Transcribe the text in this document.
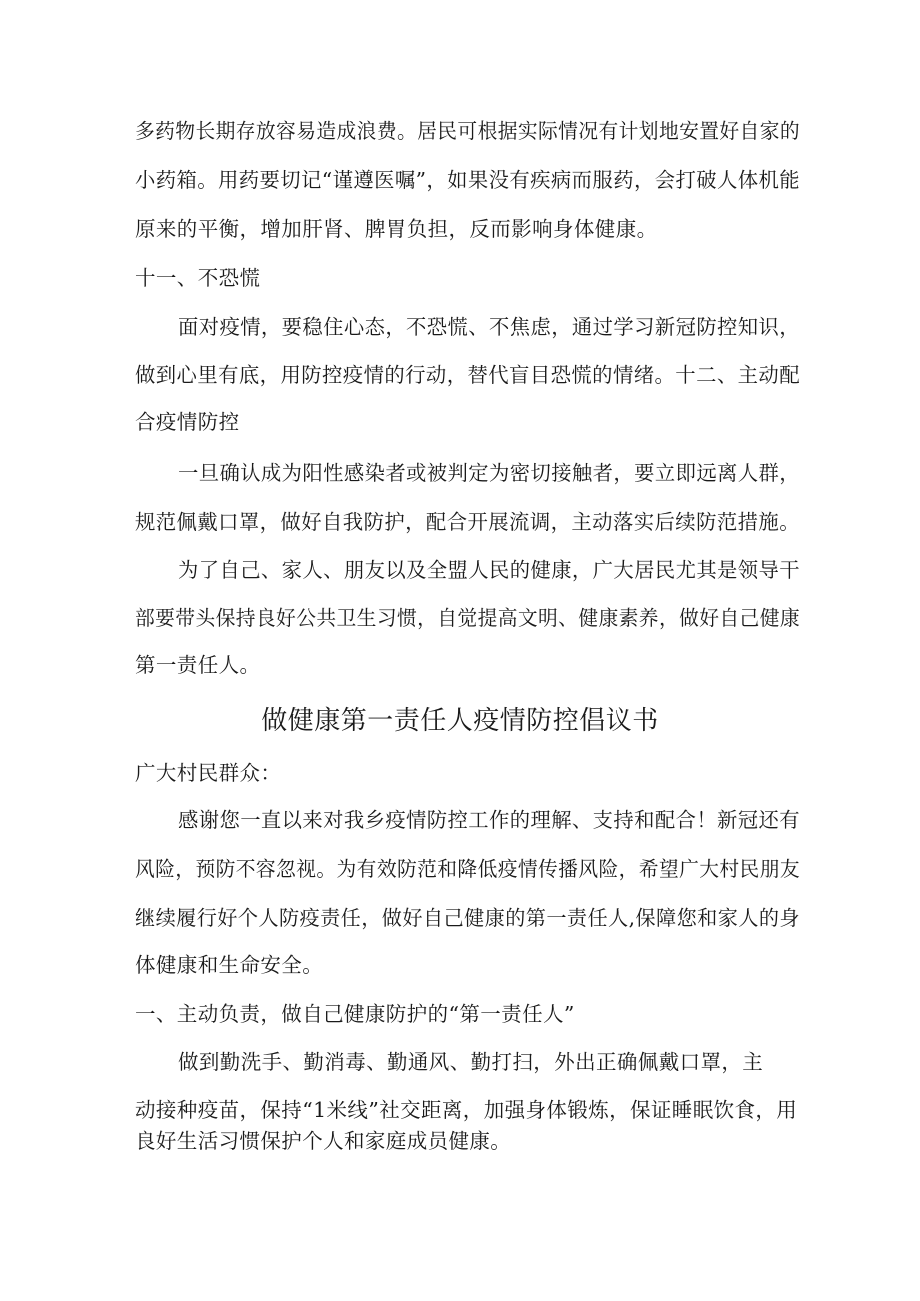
多药物长期存放容易造成浪费。居民可根据实际情况有计划地安置好自家的
小药箱。用药要切记“谨遵医嘱”，如果没有疾病而服药，会打破人体机能
原来的平衡，增加肝肾、脾胃负担，反而影响身体健康。
十一、不恐慌
面对疫情，要稳住心态，不恐慌、不焦虑，通过学习新冠防控知识，
做到心里有底，用防控疫情的行动，替代盲目恐慌的情绪。十二、主动配
合疫情防控
一旦确认成为阳性感染者或被判定为密切接触者，要立即远离人群，
规范佩戴口罩，做好自我防护，配合开展流调，主动落实后续防范措施。
为了自己、家人、朋友以及全盟人民的健康，广大居民尤其是领导干
部要带头保持良好公共卫生习惯，自觉提高文明、健康素养，做好自己健康
第一责任人。
做健康第一责任人疫情防控倡议书
广大村民群众：
感谢您一直以来对我乡疫情防控工作的理解、支持和配合！新冠还有
风险，预防不容忽视。为有效防范和降低疫情传播风险，希望广大村民朋友
继续履行好个人防疫责任，做好自己健康的第一责任人,保障您和家人的身
体健康和生命安全。
一、主动负责，做自己健康防护的“第一责任人”
做到勤洗手、勤消毒、勤通风、勤打扫，外出正确佩戴口罩，主
动接种疫苗，保持“1米线”社交距离，加强身体锻炼，保证睡眠饮食，用
良好生活习惯保护个人和家庭成员健康。
